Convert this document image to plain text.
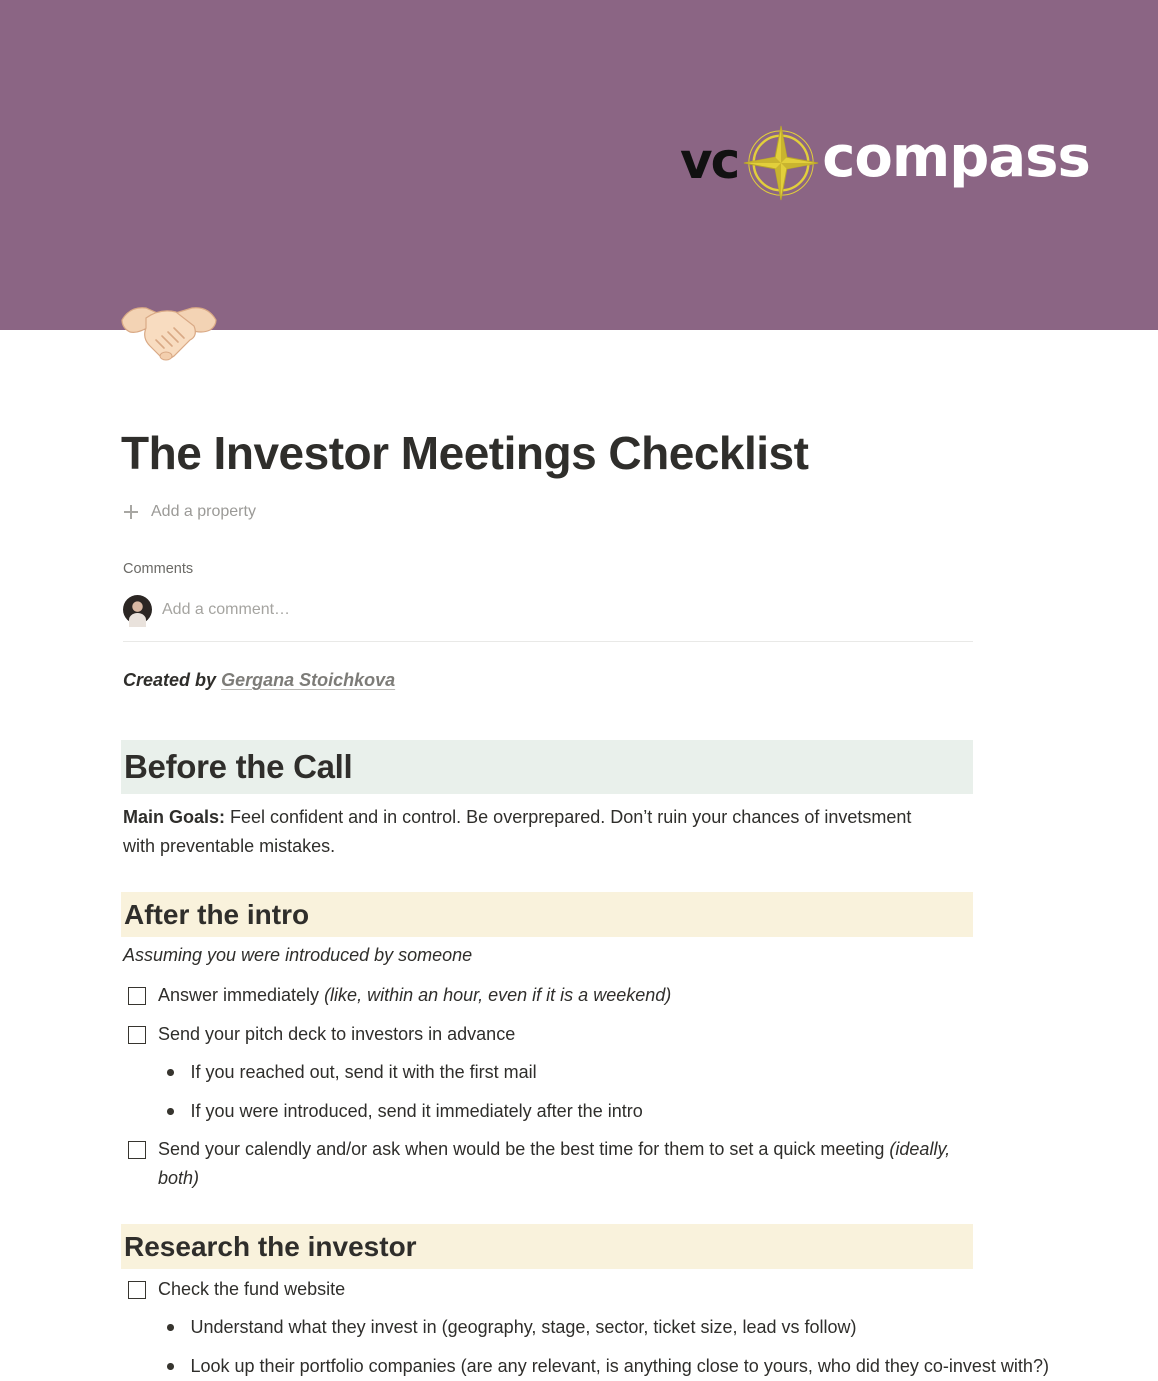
vc compass
The Investor Meetings Checklist
Add a property
Comments
Add a comment…
Created by Gergana Stoichkova
Before the Call
Main Goals: Feel confident and in control. Be overprepared. Don’t ruin your chances of invetsment with preventable mistakes.
After the intro
Assuming you were introduced by someone
Answer immediately (like, within an hour, even if it is a weekend)
Send your pitch deck to investors in advance
If you reached out, send it with the first mail
If you were introduced, send it immediately after the intro
Send your calendly and/or ask when would be the best time for them to set a quick meeting (ideally, both)
Research the investor
Check the fund website
Understand what they invest in (geography, stage, sector, ticket size, lead vs follow)
Look up their portfolio companies (are any relevant, is anything close to yours, who did they co-invest with?)
